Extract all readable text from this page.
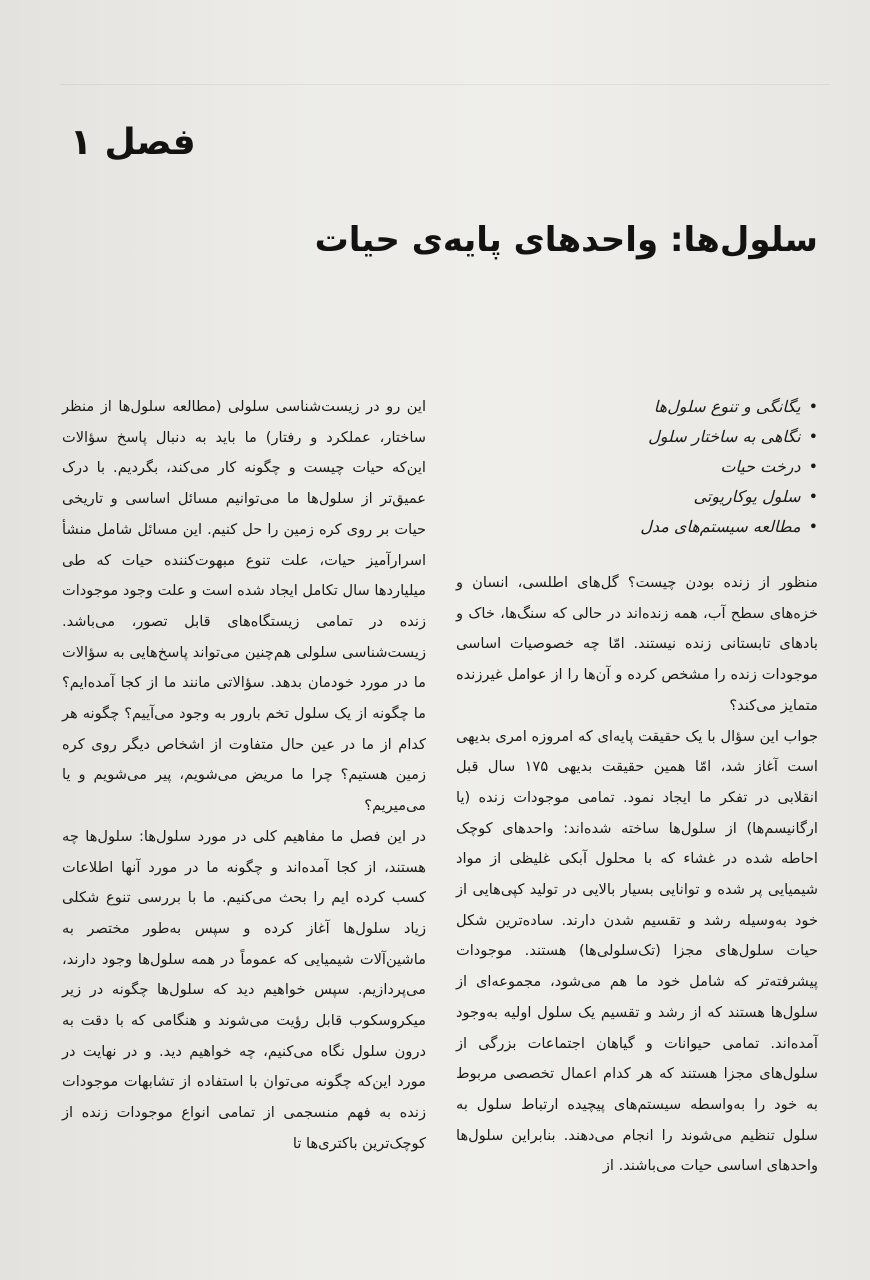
فصل ۱
سلول‌ها: واحدهای پایه‌ی حیات
•یگانگی و تنوع سلول‌ها
•نگاهی به ساختار سلول
•درخت حیات
•سلول یوکاریوتی
•مطالعه سیستم‌های مدل

منظور از زنده بودن چیست؟ گل‌های اطلسی، انسان و خزه‌های سطح آب، همه زنده‌اند در حالی که سنگ‌ها، خاک و بادهای تابستانی زنده نیستند. امّا چه خصوصیات اساسی موجودات زنده را مشخص کرده و آن‌ها را از عوامل غیرزنده متمایز می‌کند؟

جواب این سؤال با یک حقیقت پایه‌ای که امروزه امری بدیهی است آغاز شد، امّا همین حقیقت بدیهی ۱۷۵ سال قبل انقلابی در تفکر ما ایجاد نمود. تمامی موجودات زنده (یا ارگانیسم‌ها) از سلول‌ها ساخته شده‌اند: واحدهای کوچک احاطه شده در غشاء که با محلول آبکی غلیظی از مواد شیمیایی پر شده و توانایی بسیار بالایی در تولید کپی‌هایی از خود به‌وسیله رشد و تقسیم شدن دارند. ساده‌ترین شکل حیات سلول‌های مجزا (تک‌سلولی‌ها) هستند. موجودات پیشرفته‌تر که شامل خود ما هم می‌شود، مجموعه‌ای از سلول‌ها هستند که از رشد و تقسیم یک سلول اولیه به‌وجود آمده‌اند. تمامی حیوانات و گیاهان اجتماعات بزرگی از سلول‌های مجزا هستند که هر کدام اعمال تخصصی مربوط به خود را به‌واسطه سیستم‌های پیچیده ارتباط سلول به سلول تنظیم می‌شوند را انجام می‌دهند. بنابراین سلول‌ها واحدهای اساسی حیات می‌باشند. از

این رو در زیست‌شناسی سلولی (مطالعه سلول‌ها از منظر ساختار، عملکرد و رفتار) ما باید به دنبال پاسخ سؤالات این‌که حیات چیست و چگونه کار می‌کند، بگردیم. با درک عمیق‌تر از سلول‌ها ما می‌توانیم مسائل اساسی و تاریخی حیات بر روی کره زمین را حل کنیم. این مسائل شامل منشأ اسرارآمیز حیات، علت تنوع مبهوت‌کننده حیات که طی میلیاردها سال تکامل ایجاد شده است و علت وجود موجودات زنده در تمامی زیستگاه‌های قابل تصور، می‌باشد. زیست‌شناسی سلولی هم‌چنین می‌تواند پاسخ‌هایی به سؤالات ما در مورد خودمان بدهد. سؤالاتی مانند ما از کجا آمده‌ایم؟ ما چگونه از یک سلول تخم بارور به وجود می‌آییم؟ چگونه هر کدام از ما در عین حال متفاوت از اشخاص دیگر روی کره زمین هستیم؟ چرا ما مریض می‌شویم، پیر می‌شویم و یا می‌میریم؟

در این فصل ما مفاهیم کلی در مورد سلول‌ها: سلول‌ها چه هستند، از کجا آمده‌اند و چگونه ما در مورد آنها اطلاعات کسب کرده ایم را بحث می‌کنیم. ما با بررسی تنوع شکلی زیاد سلول‌ها آغاز کرده و سپس به‌طور مختصر به ماشین‌آلات شیمیایی که عموماً در همه سلول‌ها وجود دارند، می‌پردازیم. سپس خواهیم دید که سلول‌ها چگونه در زیر میکروسکوب قابل رؤیت می‌شوند و هنگامی که با دقت به درون سلول نگاه می‌کنیم، چه خواهیم دید. و در نهایت در مورد این‌که چگونه می‌توان با استفاده از تشابهات موجودات زنده به فهم منسجمی از تمامی انواع موجودات زنده از کوچک‌ترین باکتری‌ها تا
